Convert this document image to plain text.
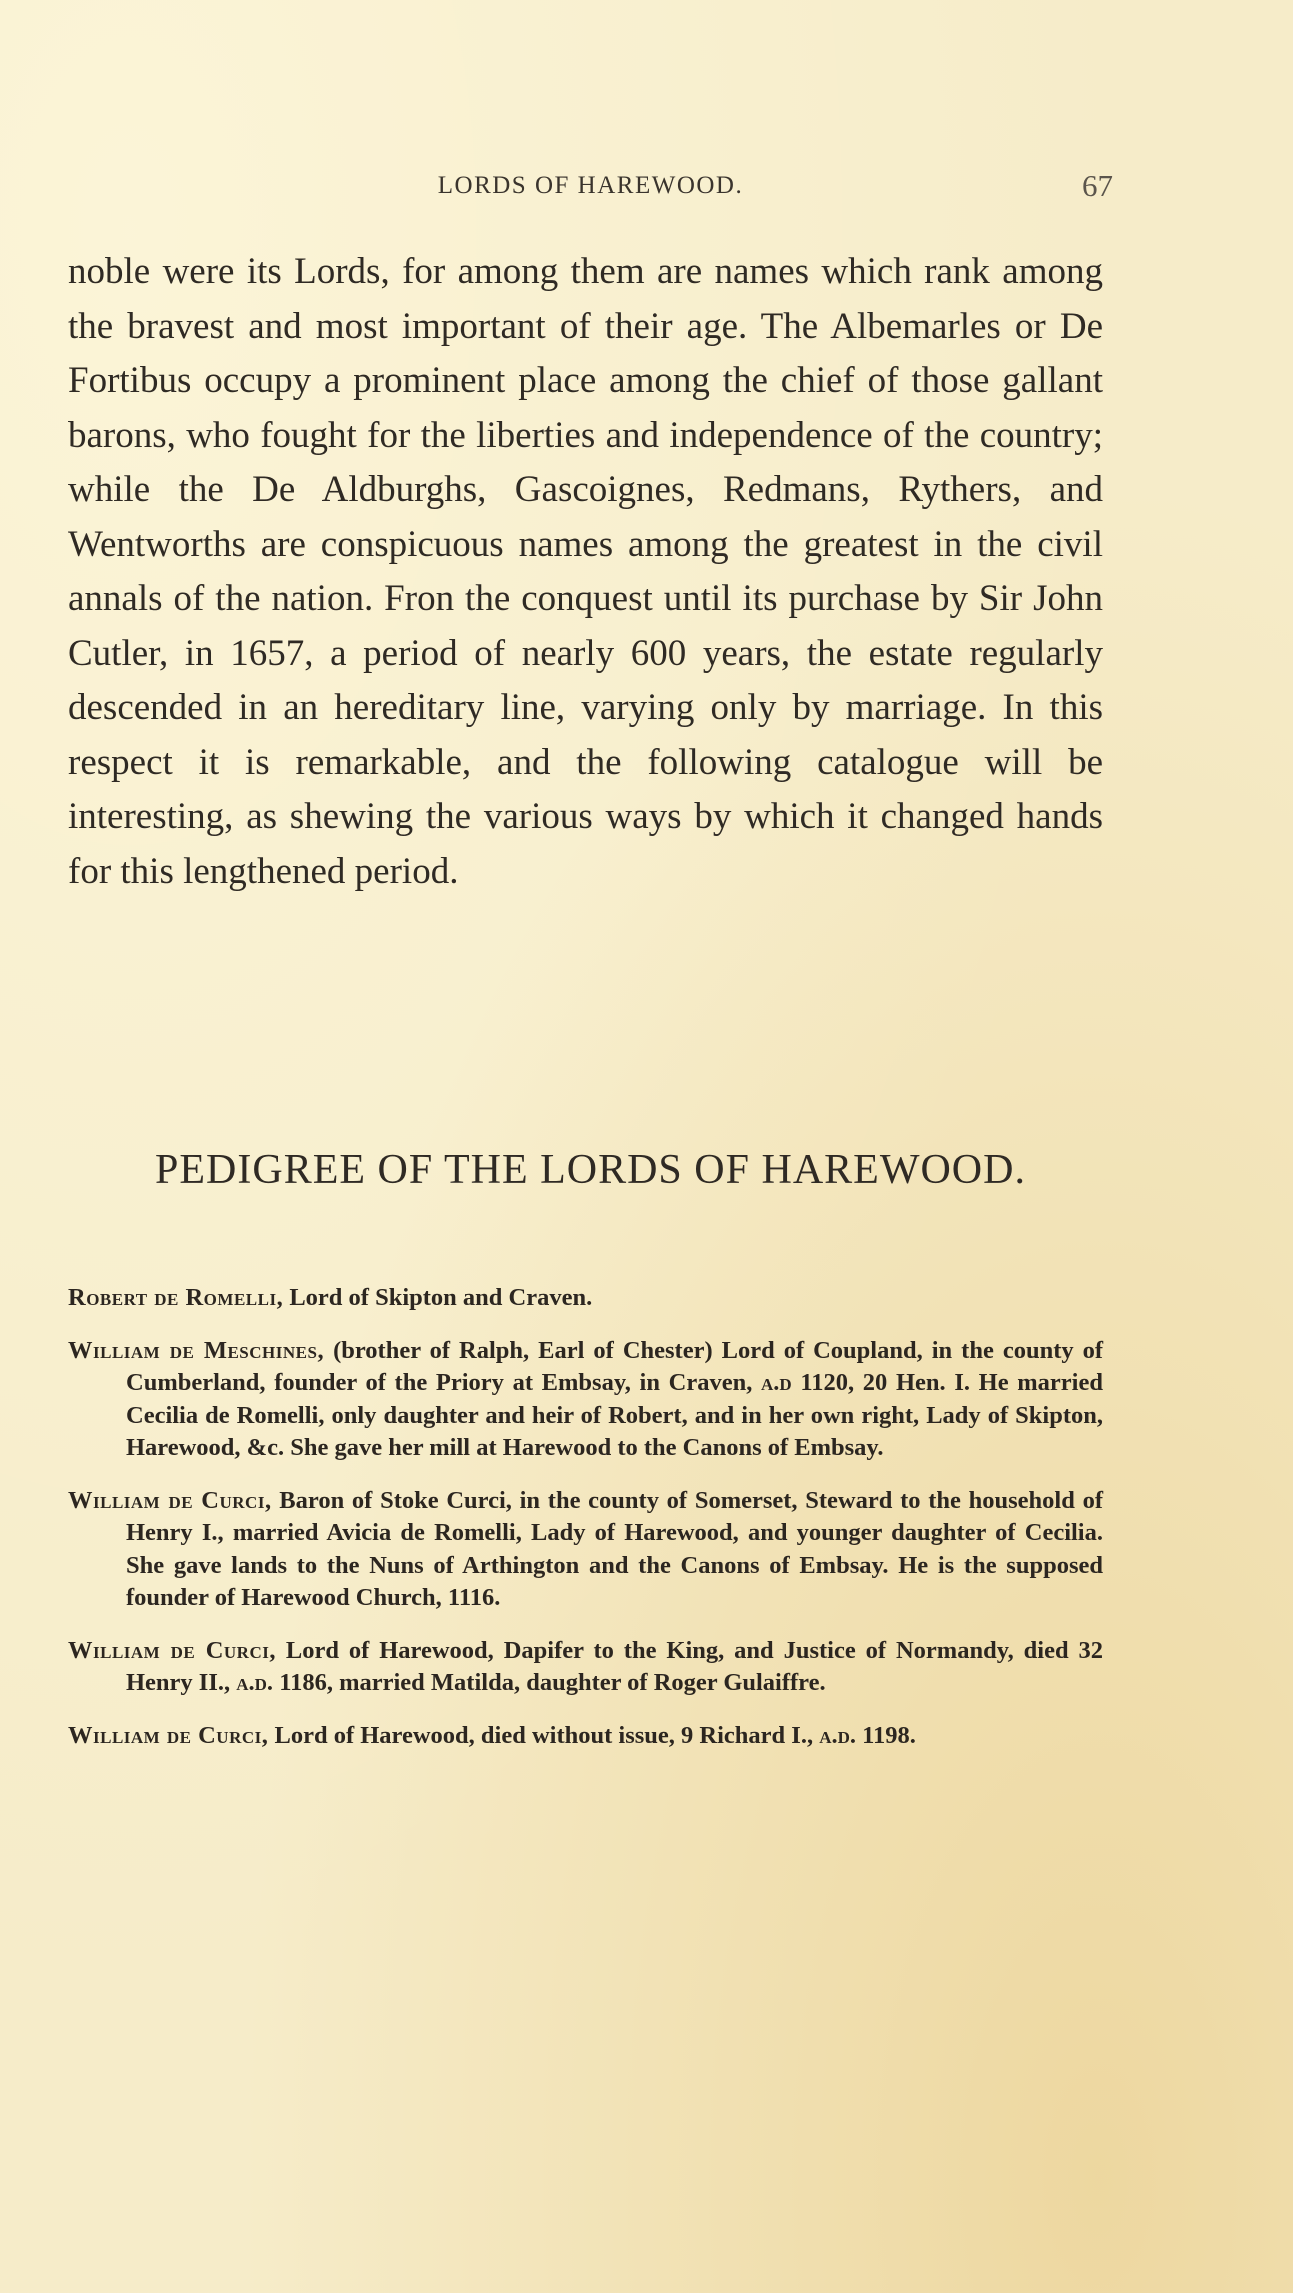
LORDS OF HAREWOOD.	67

noble were its Lords, for among them are names which rank among the bravest and most important of their age. The Albemarles or De Fortibus occupy a prominent place among the chief of those gallant barons, who fought for the liberties and independence of the country; while the De Aldburghs, Gascoignes, Redmans, Rythers, and Wentworths are conspicuous names among the greatest in the civil annals of the nation. Fron the conquest until its purchase by Sir John Cutler, in 1657, a period of nearly 600 years, the estate regularly descended in an hereditary line, varying only by marriage. In this respect it is remarkable, and the following catalogue will be interesting, as shewing the various ways by which it changed hands for this lengthened period.

PEDIGREE OF THE LORDS OF HAREWOOD.
Robert de Romelli, Lord of Skipton and Craven.
William de Meschines, (brother of Ralph, Earl of Chester) Lord of Coupland, in the county of Cumberland, founder of the Priory at Embsay, in Craven, a.d 1120, 20 Hen. I. He married Cecilia de Romelli, only daughter and heir of Robert, and in her own right, Lady of Skipton, Harewood, &c. She gave her mill at Harewood to the Canons of Embsay.
William de Curci, Baron of Stoke Curci, in the county of Somerset, Steward to the household of Henry I., married Avicia de Romelli, Lady of Harewood, and younger daughter of Cecilia. She gave lands to the Nuns of Arthington and the Canons of Embsay. He is the supposed founder of Harewood Church, 1116.
William de Curci, Lord of Harewood, Dapifer to the King, and Justice of Normandy, died 32 Henry II., a.d. 1186, married Matilda, daughter of Roger Gulaiffre.
William de Curci, Lord of Harewood, died without issue, 9 Richard I., a.d. 1198.
